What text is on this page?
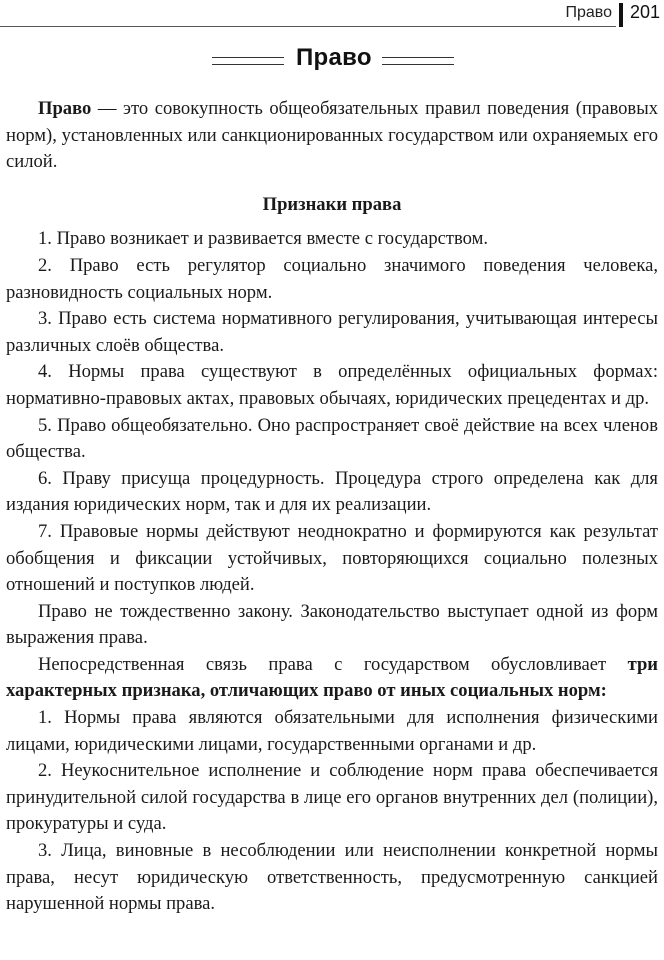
Право 201
Право

Право — это совокупность общеобязательных правил поведения (правовых норм), установленных или санкционированных государством или охраняемых его силой.

Признаки права

1. Право возникает и развивается вместе с государством.

2. Право есть регулятор социально значимого поведения человека, разновидность социальных норм.

3. Право есть система нормативного регулирования, учитывающая интересы различных слоёв общества.

4. Нормы права существуют в определённых официальных формах: нормативно-правовых актах, правовых обычаях, юридических прецедентах и др.

5. Право общеобязательно. Оно распространяет своё действие на всех членов общества.

6. Праву присуща процедурность. Процедура строго определена как для издания юридических норм, так и для их реализации.

7. Правовые нормы действуют неоднократно и формируются как результат обобщения и фиксации устойчивых, повторяющихся социально полезных отношений и поступков людей.

Право не тождественно закону. Законодательство выступает одной из форм выражения права.

Непосредственная связь права с государством обусловливает три характерных признака, отличающих право от иных социальных норм:

1. Нормы права являются обязательными для исполнения физическими лицами, юридическими лицами, государственными органами и др.

2. Неукоснительное исполнение и соблюдение норм права обеспечивается принудительной силой государства в лице его органов внутренних дел (полиции), прокуратуры и суда.

3. Лица, виновные в несоблюдении или неисполнении конкретной нормы права, несут юридическую ответственность, предусмотренную санкцией нарушенной нормы права.
